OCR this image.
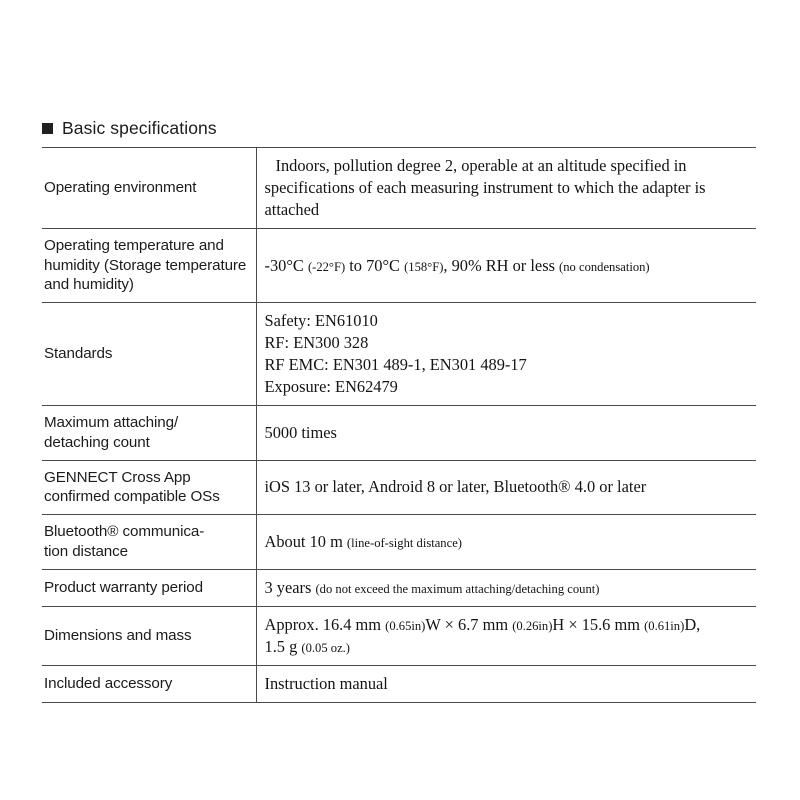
Basic specifications
Operating environment	Indoors, pollution degree 2, operable at an altitude specified in specifications of each measuring instrument to which the adapter is attached

Operating temperature and
humidity (Storage temperature
and humidity)	-30°C (-22°F) to 70°C (158°F), 90% RH or less (no condensation)
Standards	Safety: EN61010
RF: EN300 328
RF EMC: EN301 489-1, EN301 489-17
Exposure: EN62479

Maximum attaching/
detaching count	5000 times

GENNECT Cross App
confirmed compatible OSs	iOS 13 or later, Android 8 or later, Bluetooth® 4.0 or later

Bluetooth® communica-
tion distance	About 10 m (line-of-sight distance)
Product warranty period	3 years (do not exceed the maximum attaching/detaching count)
Dimensions and mass	Approx. 16.4 mm (0.65in)W × 6.7 mm (0.26in)H × 15.6 mm (0.61in)D,
1.5 g (0.05 oz.)

Included accessory	Instruction manual
